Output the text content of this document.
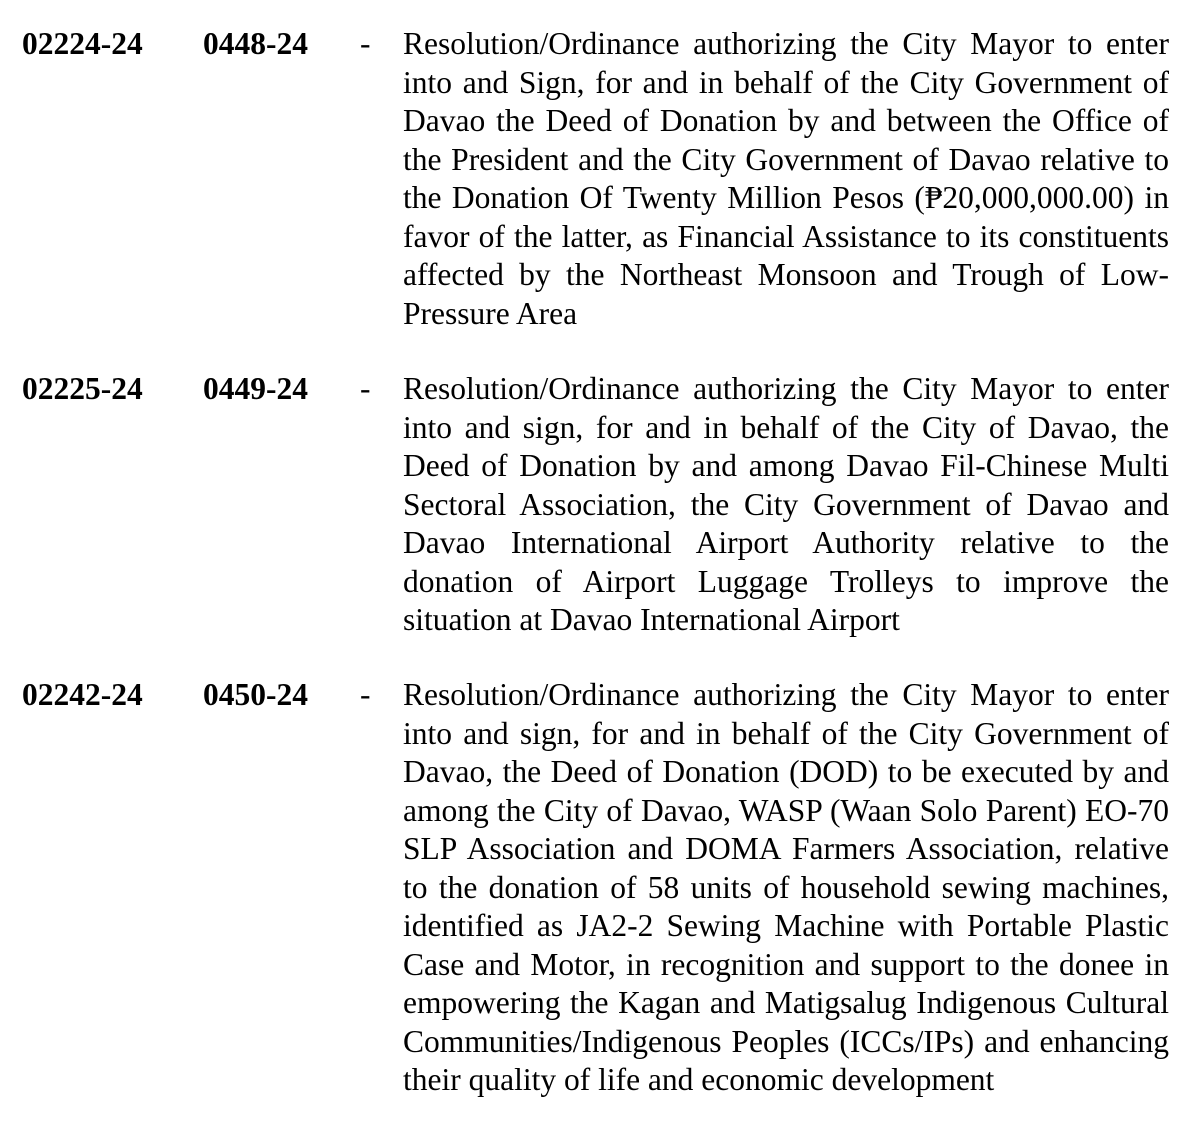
02224-24 0448-24 - Resolution/Ordinance authorizing the City Mayor to enter into and Sign, for and in behalf of the City Government of Davao the Deed of Donation by and between the Office of the President and the City Government of Davao relative to the Donation Of Twenty Million Pesos (₱20,000,000.00) in favor of the latter, as Financial Assistance to its constituents affected by the Northeast Monsoon and Trough of Low-Pressure Area

02225-24 0449-24 - Resolution/Ordinance authorizing the City Mayor to enter into and sign, for and in behalf of the City of Davao, the Deed of Donation by and among Davao Fil-Chinese Multi Sectoral Association, the City Government of Davao and Davao International Airport Authority relative to the donation of Airport Luggage Trolleys to improve the situation at Davao International Airport

02242-24 0450-24 - Resolution/Ordinance authorizing the City Mayor to enter into and sign, for and in behalf of the City Government of Davao, the Deed of Donation (DOD) to be executed by and among the City of Davao, WASP (Waan Solo Parent) EO-70 SLP Association and DOMA Farmers Association, relative to the donation of 58 units of household sewing machines, identified as JA2-2 Sewing Machine with Portable Plastic Case and Motor, in recognition and support to the donee in empowering the Kagan and Matigsalug Indigenous Cultural Communities/Indigenous Peoples (ICCs/IPs) and enhancing their quality of life and economic development
